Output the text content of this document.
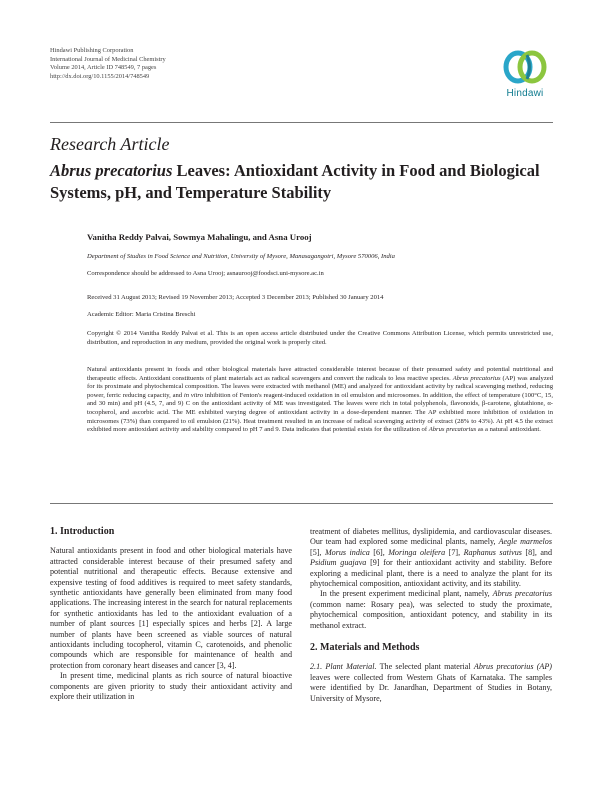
Hindawi Publishing Corporation
International Journal of Medicinal Chemistry
Volume 2014, Article ID 748549, 7 pages
http://dx.doi.org/10.1155/2014/748549
Hindawi
Research Article
Abrus precatorius Leaves: Antioxidant Activity in Food and Biological Systems, pH, and Temperature Stability
Vanitha Reddy Palvai, Sowmya Mahalingu, and Asna Urooj
Department of Studies in Food Science and Nutrition, University of Mysore, Manasagangotri, Mysore 570006, India
Correspondence should be addressed to Asna Urooj; asnaurooj@foodsci.uni-mysore.ac.in
Received 31 August 2013; Revised 19 November 2013; Accepted 3 December 2013; Published 30 January 2014
Academic Editor: Maria Cristina Breschi
Copyright © 2014 Vanitha Reddy Palvai et al. This is an open access article distributed under the Creative Commons Attribution License, which permits unrestricted use, distribution, and reproduction in any medium, provided the original work is properly cited.
Natural antioxidants present in foods and other biological materials have attracted considerable interest because of their presumed safety and potential nutritional and therapeutic effects. Antioxidant constituents of plant materials act as radical scavengers and convert the radicals to less reactive species. Abrus precatorius (AP) was analyzed for its proximate and phytochemical composition. The leaves were extracted with methanol (ME) and analyzed for antioxidant activity by radical scavenging method, reducing power, ferric reducing capacity, and in vitro inhibition of Fenton's reagent-induced oxidation in oil emulsion and microsomes. In addition, the effect of temperature (100°C, 15, and 30 min) and pH (4.5, 7, and 9) C on the antioxidant activity of ME was investigated. The leaves were rich in total polyphenols, flavonoids, β-carotene, glutathione, α-tocopherol, and ascorbic acid. The ME exhibited varying degree of antioxidant activity in a dose-dependent manner. The AP exhibited more inhibition of oxidation in microsomes (73%) than compared to oil emulsion (21%). Heat treatment resulted in an increase of radical scavenging activity of extract (28% to 43%). At pH 4.5 the extract exhibited more antioxidant activity and stability compared to pH 7 and 9. Data indicates that potential exists for the utilization of Abrus precatorius as a natural antioxidant.
1. Introduction

Natural antioxidants present in food and other biological materials have attracted considerable interest because of their presumed safety and potential nutritional and therapeutic effects. Because extensive and expensive testing of food additives is required to meet safety standards, synthetic antioxidants have generally been eliminated from many food applications. The increasing interest in the search for natural replacements for synthetic antioxidants has led to the antioxidant evaluation of a number of plant sources [1] especially spices and herbs [2]. A large number of plants have been screened as viable sources of natural antioxidants including tocopherol, vitamin C, carotenoids, and phenolic compounds which are responsible for maintenance of health and protection from coronary heart diseases and cancer [3, 4].

In present time, medicinal plants as rich source of natural bioactive components are given priority to study their antioxidant activity and explore their utilization in

treatment of diabetes mellitus, dyslipidemia, and cardiovascular diseases. Our team had explored some medicinal plants, namely, Aegle marmelos [5], Morus indica [6], Moringa oleifera [7], Raphanus sativus [8], and Psidium guajava [9] for their antioxidant activity and stability. Before exploring a medicinal plant, there is a need to analyze the plant for its phytochemical composition, antioxidant activity, and its stability.

In the present experiment medicinal plant, namely, Abrus precatorius (common name: Rosary pea), was selected to study the proximate, phytochemical composition, antioxidant potency, and stability in its methanol extract.

2. Materials and Methods

2.1. Plant Material. The selected plant material Abrus precatorius (AP) leaves were collected from Western Ghats of Karnataka. The samples were identified by Dr. Janardhan, Department of Studies in Botany, University of Mysore,
